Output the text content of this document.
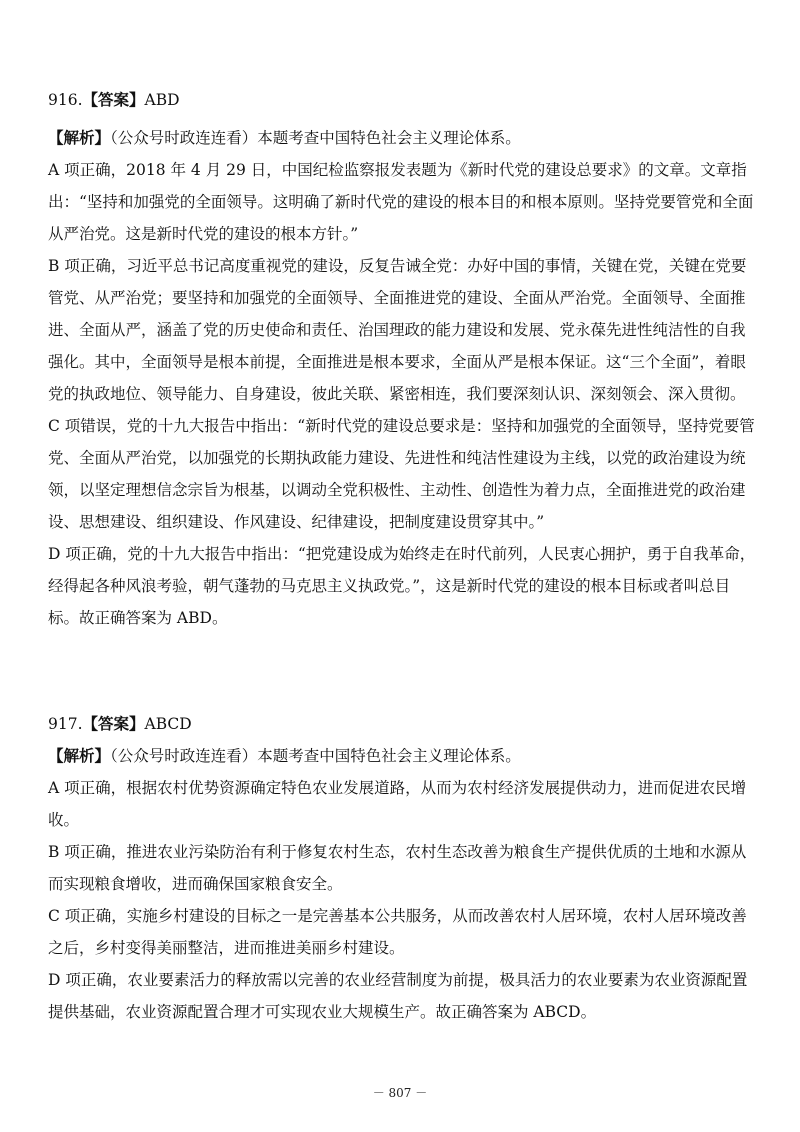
916.【答案】ABD

【解析】（公众号时政连连看）本题考查中国特色社会主义理论体系。

A 项正确，2018 年 4 月 29 日，中国纪检监察报发表题为《新时代党的建设总要求》的文章。文章指出：“坚持和加强党的全面领导。这明确了新时代党的建设的根本目的和根本原则。坚持党要管党和全面从严治党。这是新时代党的建设的根本方针。”

B 项正确，习近平总书记高度重视党的建设，反复告诫全党：办好中国的事情，关键在党，关键在党要管党、从严治党；要坚持和加强党的全面领导、全面推进党的建设、全面从严治党。全面领导、全面推进、全面从严，涵盖了党的历史使命和责任、治国理政的能力建设和发展、党永葆先进性纯洁性的自我强化。其中，全面领导是根本前提，全面推进是根本要求，全面从严是根本保证。这“三个全面”，着眼党的执政地位、领导能力、自身建设，彼此关联、紧密相连，我们要深刻认识、深刻领会、深入贯彻。

C 项错误，党的十九大报告中指出：“新时代党的建设总要求是：坚持和加强党的全面领导，坚持党要管党、全面从严治党，以加强党的长期执政能力建设、先进性和纯洁性建设为主线，以党的政治建设为统领，以坚定理想信念宗旨为根基，以调动全党积极性、主动性、创造性为着力点，全面推进党的政治建设、思想建设、组织建设、作风建设、纪律建设，把制度建设贯穿其中。”

D 项正确，党的十九大报告中指出：“把党建设成为始终走在时代前列，人民衷心拥护，勇于自我革命，经得起各种风浪考验，朝气蓬勃的马克思主义执政党。”，这是新时代党的建设的根本目标或者叫总目标。故正确答案为 ABD。

917.【答案】ABCD

【解析】（公众号时政连连看）本题考查中国特色社会主义理论体系。

A 项正确，根据农村优势资源确定特色农业发展道路，从而为农村经济发展提供动力，进而促进农民增收。

B 项正确，推进农业污染防治有利于修复农村生态，农村生态改善为粮食生产提供优质的土地和水源从而实现粮食增收，进而确保国家粮食安全。

C 项正确，实施乡村建设的目标之一是完善基本公共服务，从而改善农村人居环境，农村人居环境改善之后，乡村变得美丽整洁，进而推进美丽乡村建设。

D 项正确，农业要素活力的释放需以完善的农业经营制度为前提，极具活力的农业要素为农业资源配置提供基础，农业资源配置合理才可实现农业大规模生产。故正确答案为 ABCD。

－ 807 －
